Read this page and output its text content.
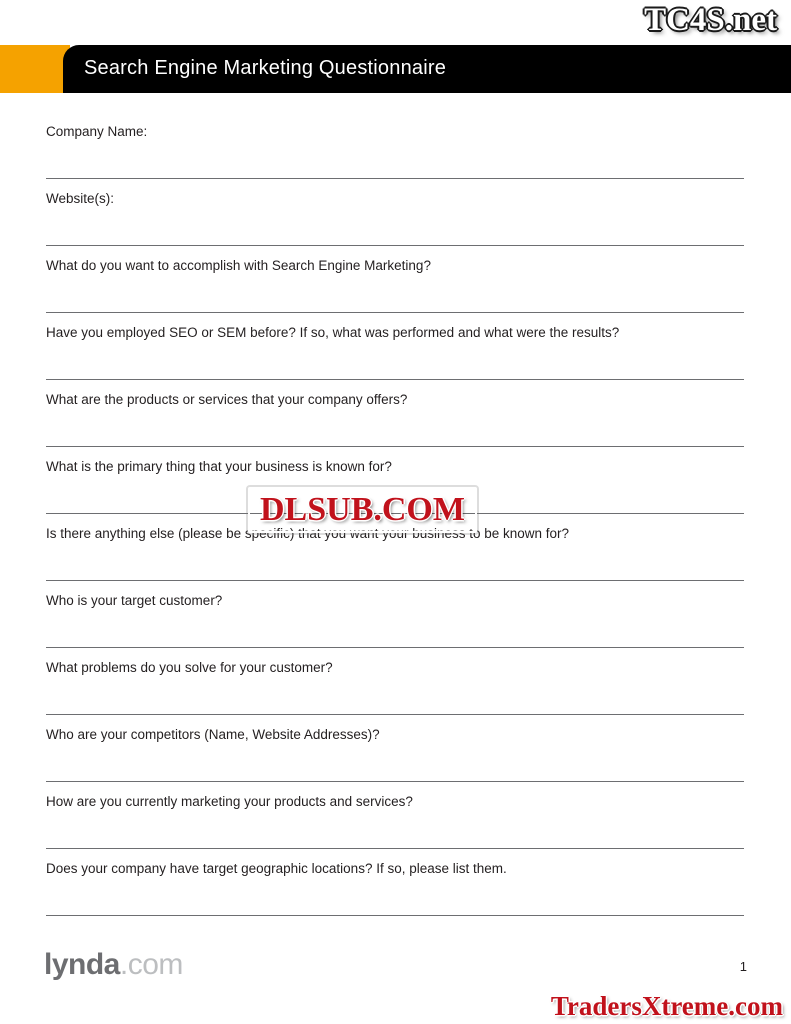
TC4S.net
Search Engine Marketing Questionnaire
Company Name:
Website(s):
What do you want to accomplish with Search Engine Marketing?
Have you employed SEO or SEM before? If so, what was performed and what were the results?
What are the products or services that your company offers?
What is the primary thing that your business is known for?
Is there anything else (please be specific) that you want your business to be known for?
Who is your target customer?
What problems do you solve for your customer?
Who are your competitors (Name, Website Addresses)?
How are you currently marketing your products and services?
Does your company have target geographic locations? If so, please list them.
DLSUB.COM
lynda.com	1
TradersXtreme.com
